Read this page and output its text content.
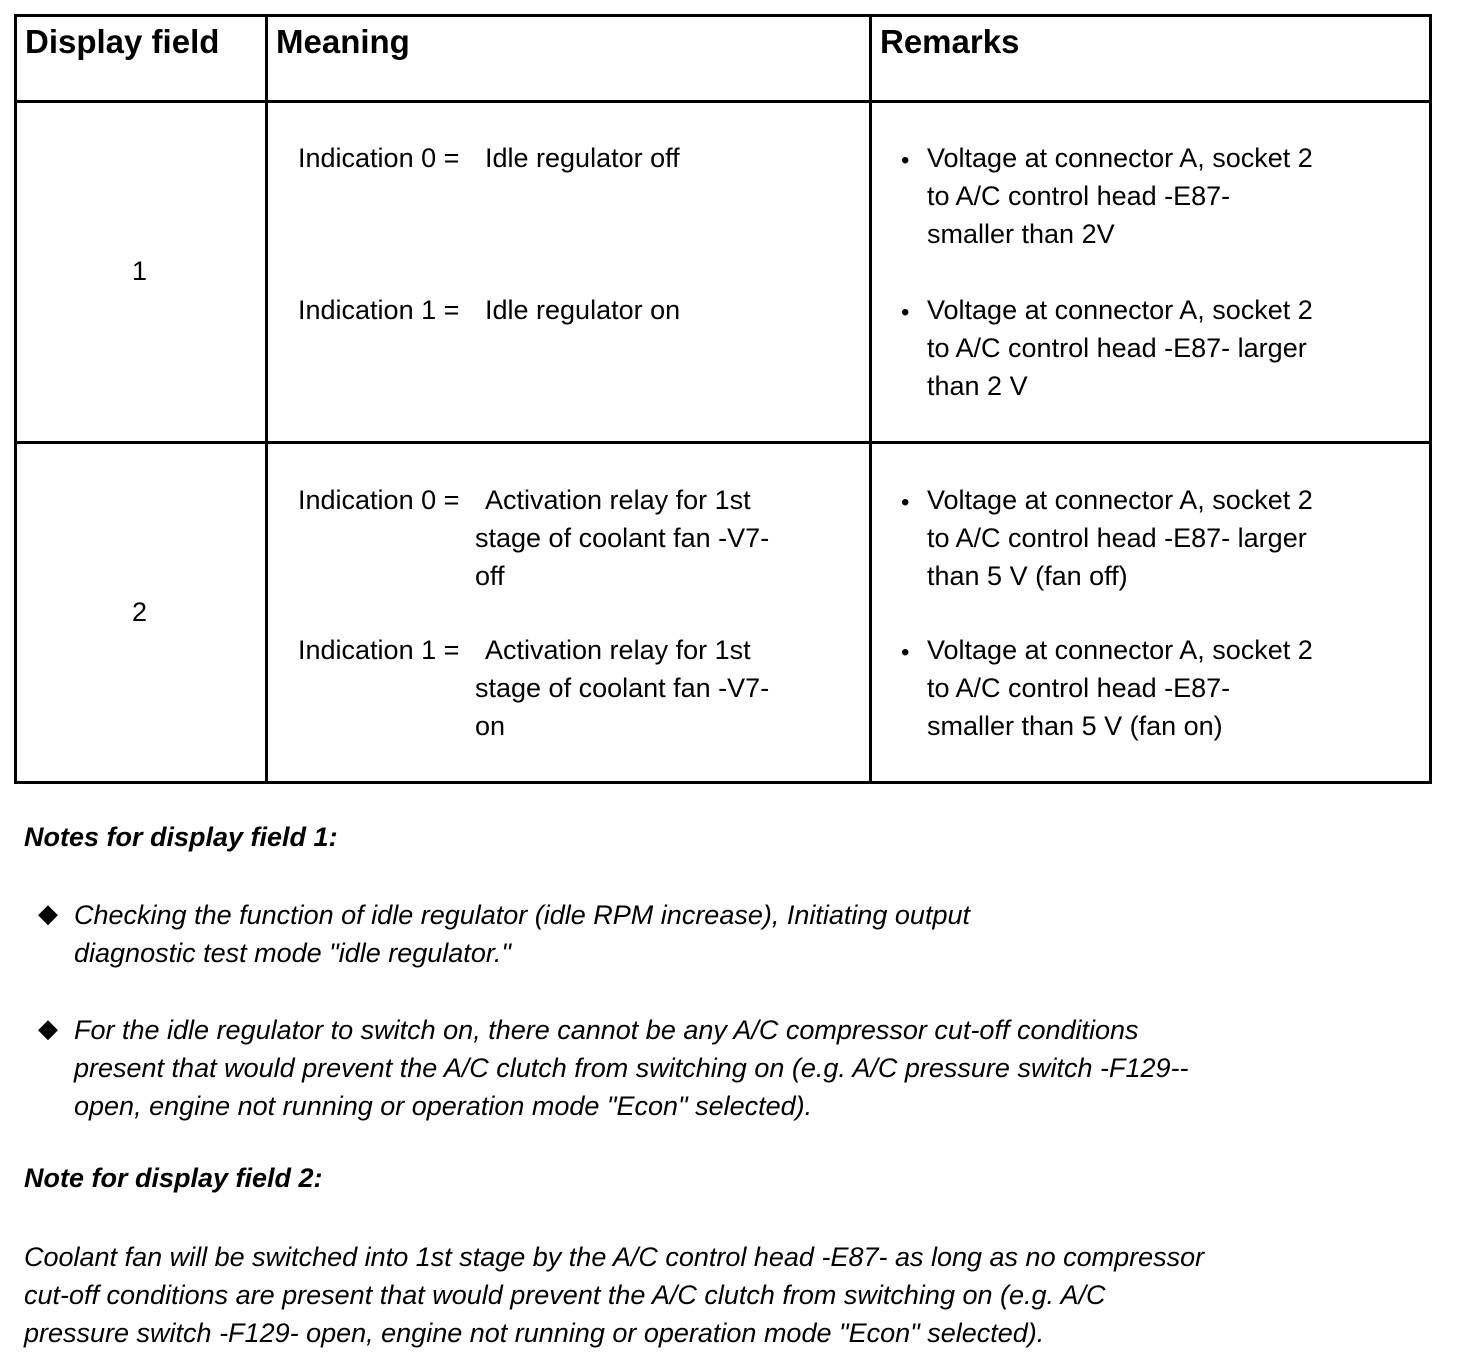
Display field Meaning	Remarks
1
Indication 0 = Idle regulator off
Indication 1 = Idle regulator on
• Voltage at connector A, socket 2
to A/C control head -E87-
smaller than 2V
• Voltage at connector A, socket 2
to A/C control head -E87- larger
than 2 V
2
Indication 0 = Activation relay for 1st
stage of coolant fan -V7-
off
Indication 1 = Activation relay for 1st
stage of coolant fan -V7-
on
• Voltage at connector A, socket 2
to A/C control head -E87- larger
than 5 V (fan off)
• Voltage at connector A, socket 2
to A/C control head -E87-
smaller than 5 V (fan on)
Notes for display field 1:
◆ Checking the function of idle regulator (idle RPM increase), Initiating output
diagnostic test mode "idle regulator."
◆ For the idle regulator to switch on, there cannot be any A/C compressor cut-off conditions
present that would prevent the A/C clutch from switching on (e.g. A/C pressure switch -F129--
open, engine not running or operation mode "Econ" selected).
Note for display field 2:
Coolant fan will be switched into 1st stage by the A/C control head -E87- as long as no compressor
cut-off conditions are present that would prevent the A/C clutch from switching on (e.g. A/C
pressure switch -F129- open, engine not running or operation mode "Econ" selected).
